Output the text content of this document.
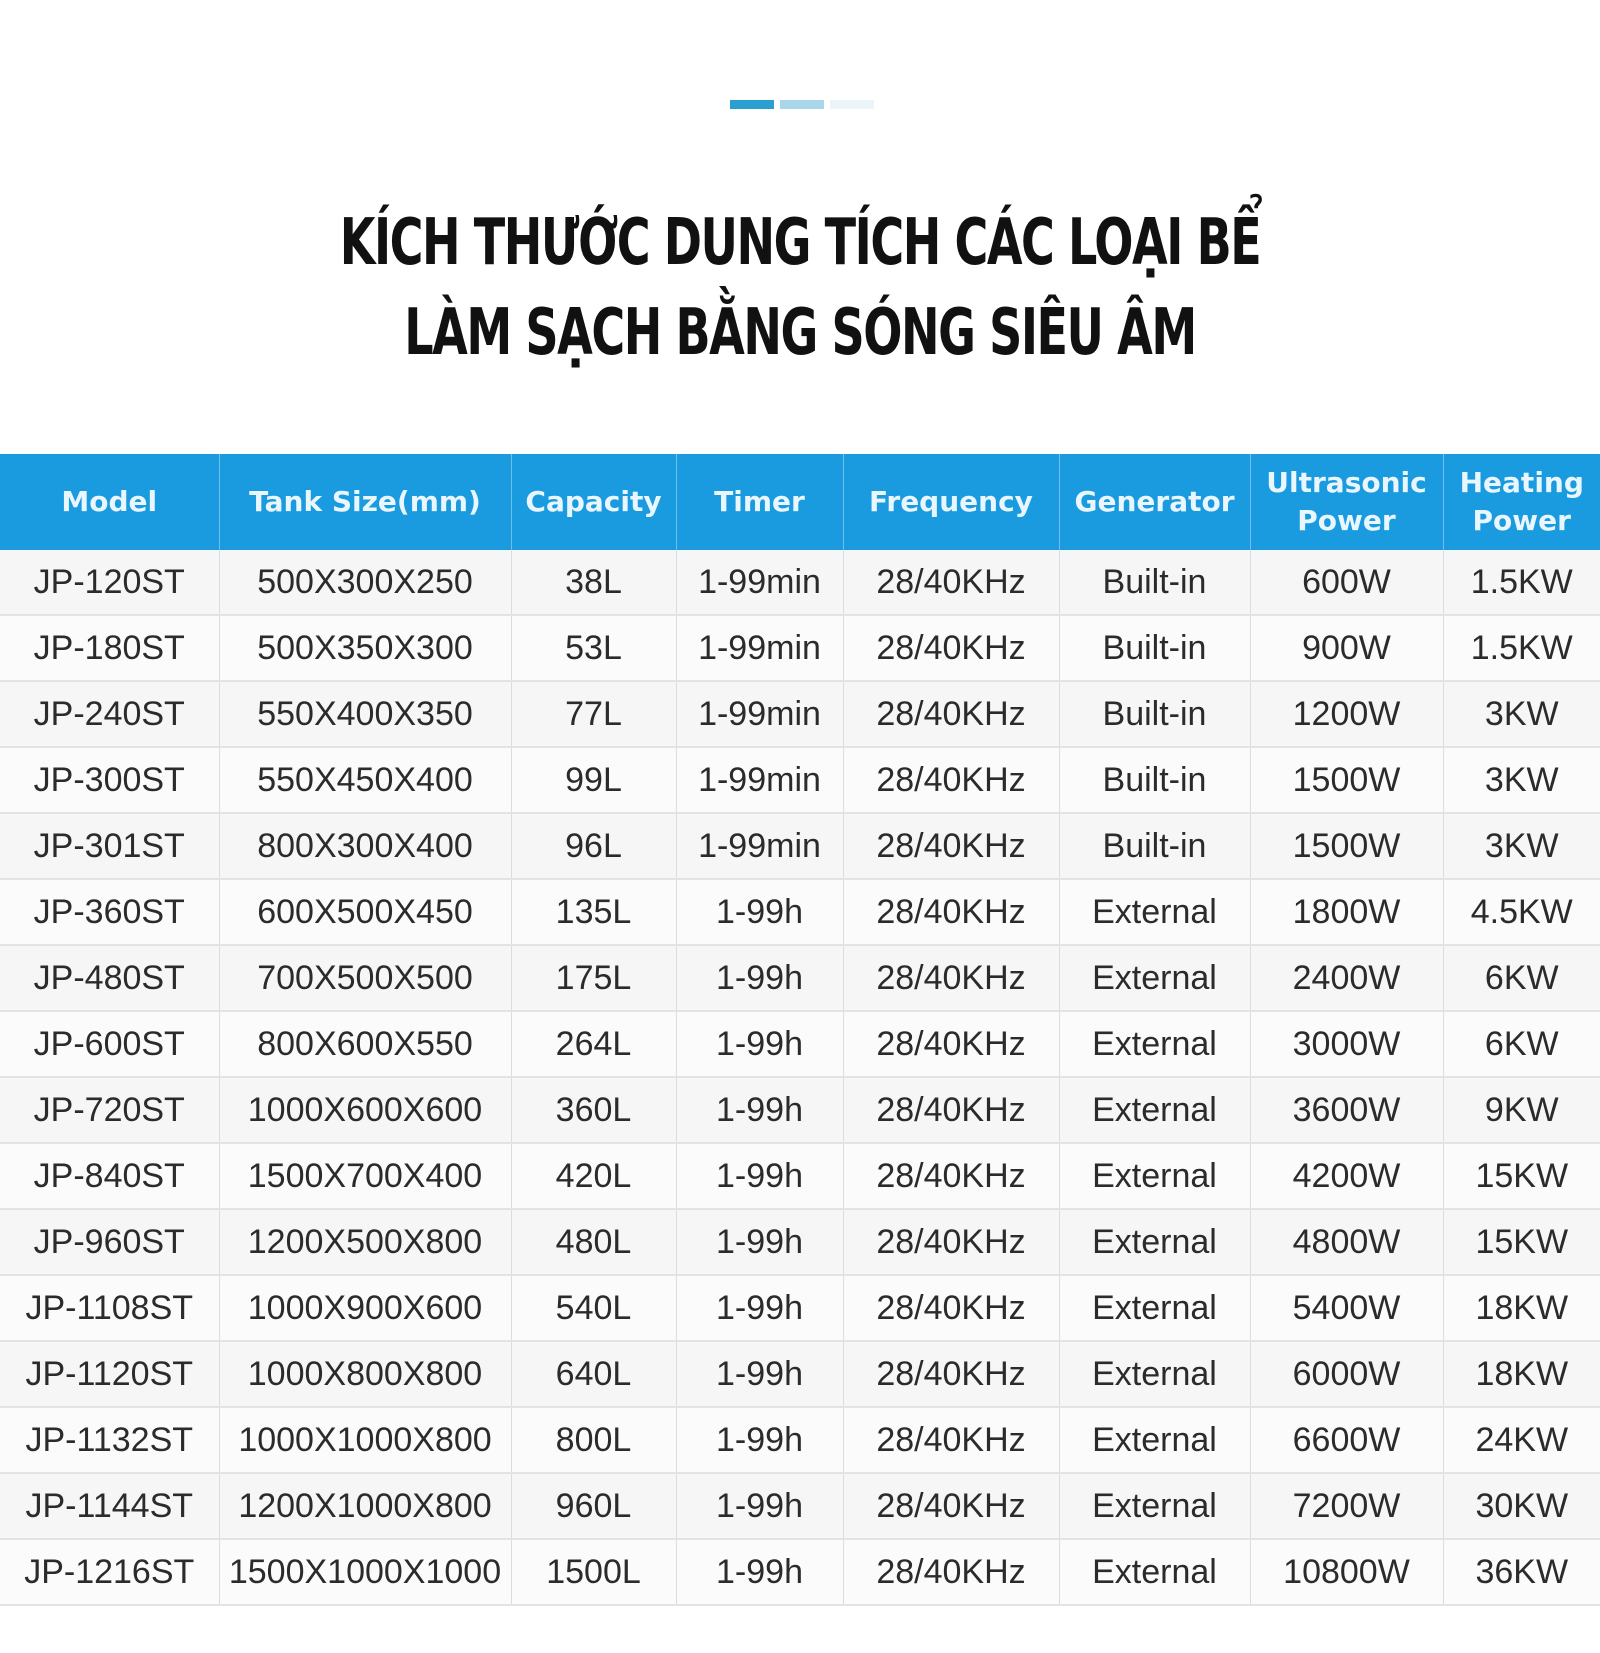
KÍCH THƯỚC DUNG TÍCH CÁC LOẠI BỂ
LÀM SẠCH BẰNG SÓNG SIÊU ÂM
Model	Tank Size(mm)	Capacity	Timer	Frequency	Generator	Ultrasonic Power	Heating Power
JP-120ST	500X300X250	38L	1-99min	28/40KHz	Built-in	600W	1.5KW
JP-180ST	500X350X300	53L	1-99min	28/40KHz	Built-in	900W	1.5KW
JP-240ST	550X400X350	77L	1-99min	28/40KHz	Built-in	1200W	3KW
JP-300ST	550X450X400	99L	1-99min	28/40KHz	Built-in	1500W	3KW
JP-301ST	800X300X400	96L	1-99min	28/40KHz	Built-in	1500W	3KW
JP-360ST	600X500X450	135L	1-99h	28/40KHz	External	1800W	4.5KW
JP-480ST	700X500X500	175L	1-99h	28/40KHz	External	2400W	6KW
JP-600ST	800X600X550	264L	1-99h	28/40KHz	External	3000W	6KW
JP-720ST	1000X600X600	360L	1-99h	28/40KHz	External	3600W	9KW
JP-840ST	1500X700X400	420L	1-99h	28/40KHz	External	4200W	15KW
JP-960ST	1200X500X800	480L	1-99h	28/40KHz	External	4800W	15KW
JP-1108ST	1000X900X600	540L	1-99h	28/40KHz	External	5400W	18KW
JP-1120ST	1000X800X800	640L	1-99h	28/40KHz	External	6000W	18KW
JP-1132ST	1000X1000X800	800L	1-99h	28/40KHz	External	6600W	24KW
JP-1144ST	1200X1000X800	960L	1-99h	28/40KHz	External	7200W	30KW
JP-1216ST	1500X1000X1000	1500L	1-99h	28/40KHz	External	10800W	36KW
